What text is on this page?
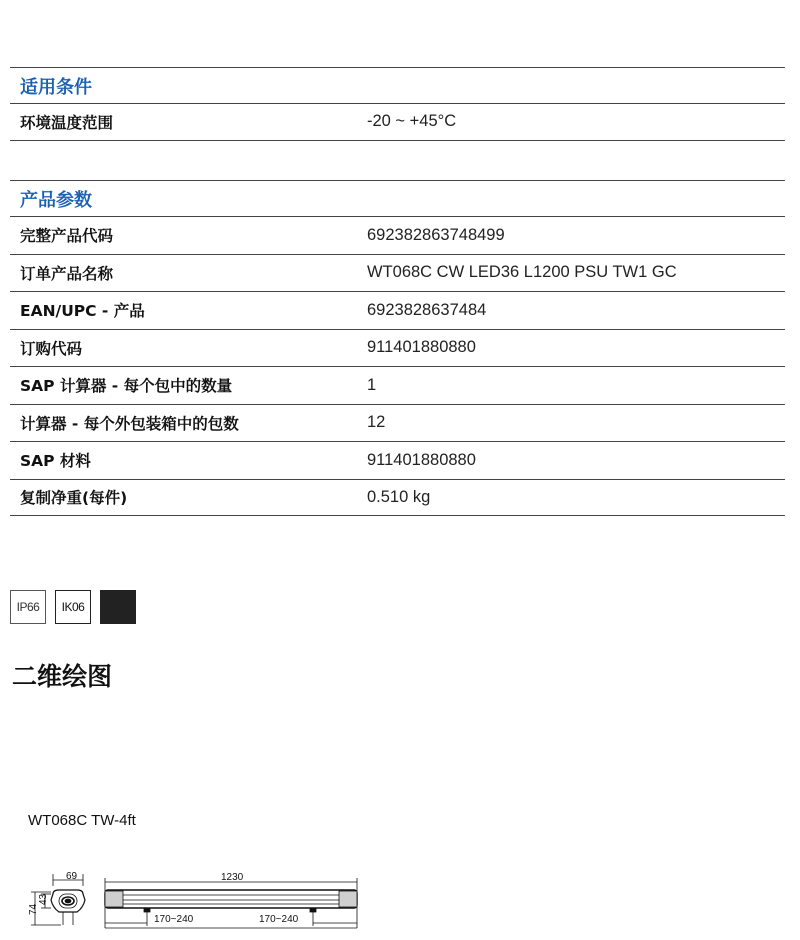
适用条件
环境温度范围	-20 ~ +45°C
产品参数
完整产品代码	692382863748499
订单产品名称	WT068C CW LED36 L1200 PSU TW1 GC
EAN/UPC - 产品	6923828637484
订购代码	911401880880
SAP 计算器 - 每个包中的数量	1
计算器 - 每个外包装箱中的包数	12
SAP 材料	911401880880
复制净重(每件)	0.510 kg
IP66	IK06
二维绘图
WT068C TW-4ft
69
74
43
1230
170~240	170~240
